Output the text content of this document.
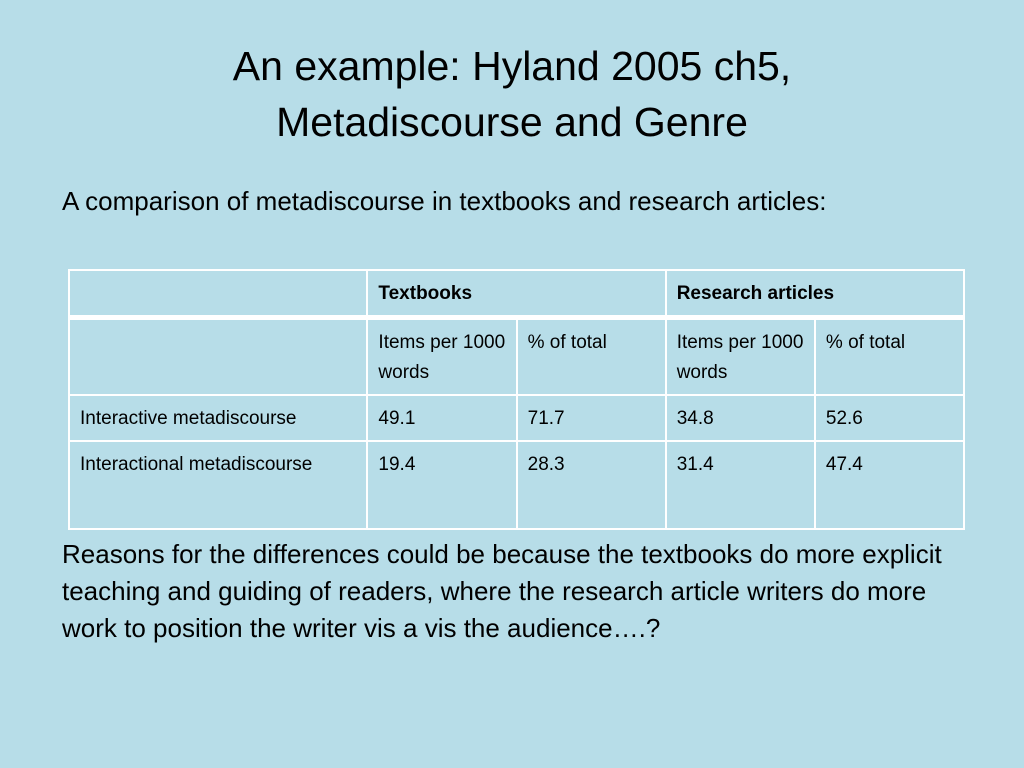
An example: Hyland 2005 ch5,
Metadiscourse and Genre
A comparison of metadiscourse in textbooks and research articles:
	Textbooks		Research articles	
	Items per 1000 words	% of total	Items per 1000 words	% of total
Interactive metadiscourse	49.1	71.7	34.8	52.6
Interactional metadiscourse	19.4	28.3	31.4	47.4
Reasons for the differences could be because the textbooks do more explicit teaching and guiding of readers, where the research article writers do more work to position the writer vis a vis the audience….?
